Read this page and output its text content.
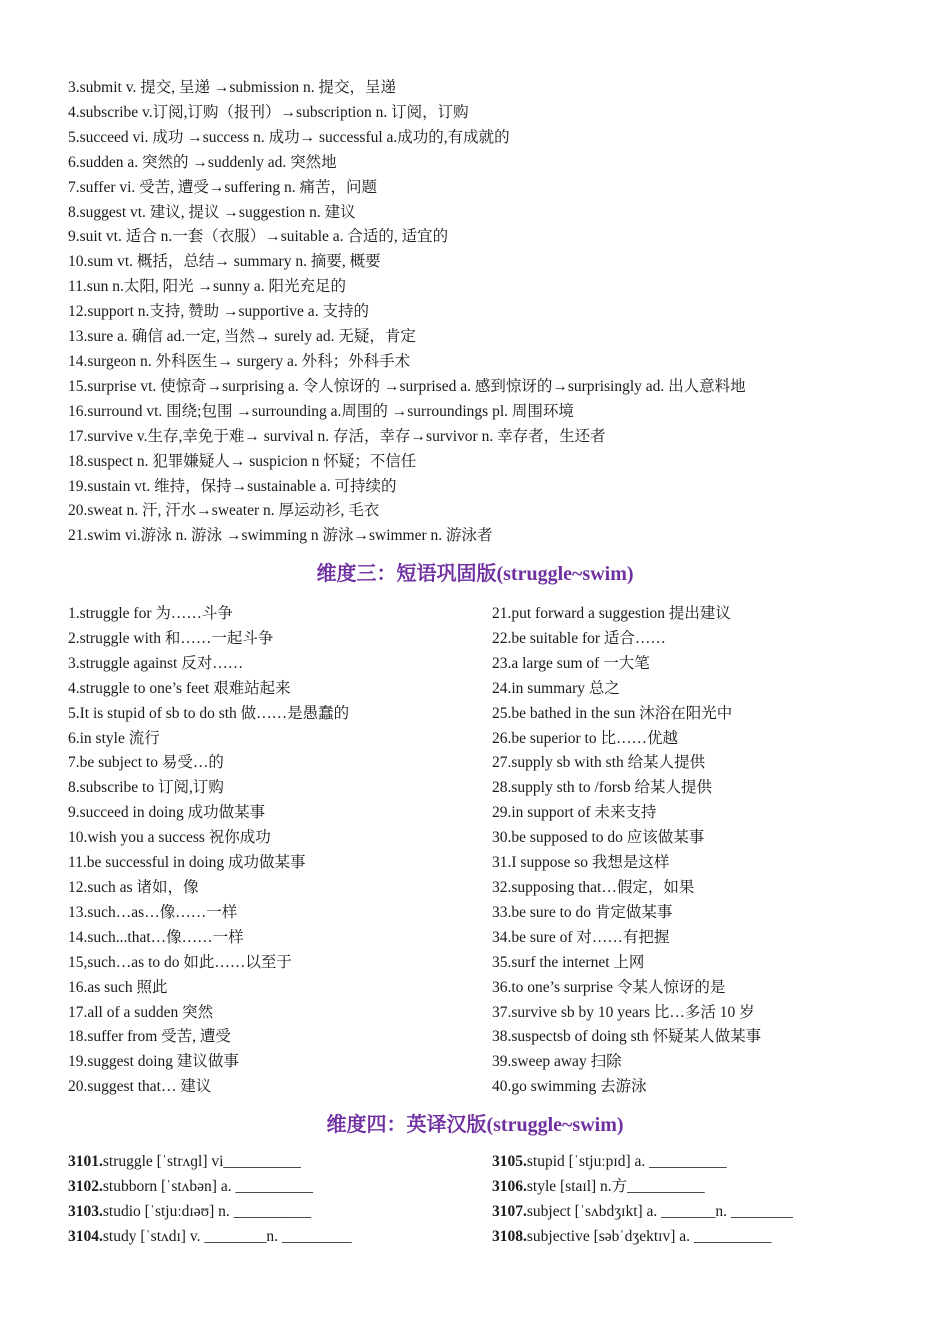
3.submit v. 提交, 呈递 →submission n. 提交，呈递
4.subscribe v.订阅,订购（报刊）→subscription n. 订阅，订购
5.succeed vi. 成功 →success n. 成功→ successful a.成功的,有成就的
6.sudden a. 突然的 →suddenly ad. 突然地
7.suffer vi. 受苦, 遭受→suffering n. 痛苦，问题
8.suggest vt. 建议, 提议 →suggestion n. 建议
9.suit vt. 适合 n.一套（衣服）→suitable a. 合适的, 适宜的
10.sum vt. 概括，总结→ summary n. 摘要, 概要
11.sun n.太阳, 阳光 →sunny a. 阳光充足的
12.support n.支持, 赞助 →supportive a. 支持的
13.sure a. 确信 ad.一定, 当然→ surely ad. 无疑，肯定
14.surgeon n. 外科医生→ surgery a. 外科；外科手术
15.surprise vt. 使惊奇→surprising a. 令人惊讶的 →surprised a. 感到惊讶的→surprisingly ad. 出人意料地
16.surround vt. 围绕;包围 →surrounding a.周围的 →surroundings pl. 周围环境
17.survive v.生存,幸免于难→ survival n. 存活，幸存→survivor n. 幸存者，生还者
18.suspect n. 犯罪嫌疑人→ suspicion n 怀疑；不信任
19.sustain vt. 维持，保持→sustainable a. 可持续的
20.sweat n. 汗, 汗水→sweater n. 厚运动衫, 毛衣
21.swim vi.游泳 n. 游泳 →swimming n 游泳→swimmer n. 游泳者
维度三：短语巩固版(struggle~swim)
1.struggle for 为……斗争
2.struggle with 和……一起斗争
3.struggle against 反对……
4.struggle to one’s feet 艰难站起来
5.It is stupid of sb to do sth 做……是愚蠢的
6.in style 流行
7.be subject to 易受…的
8.subscribe to 订阅,订购
9.succeed in doing 成功做某事
10.wish you a success 祝你成功
11.be successful in doing 成功做某事
12.such as 诸如，像
13.such…as…像……一样
14.such...that…像……一样
15,such…as to do 如此……以至于
16.as such 照此
17.all of a sudden 突然
18.suffer from 受苦, 遭受
19.suggest doing 建议做事
20.suggest that… 建议
21.put forward a suggestion 提出建议
22.be suitable for 适合……
23.a large sum of 一大笔
24.in summary 总之
25.be bathed in the sun 沐浴在阳光中
26.be superior to 比……优越
27.supply sb with sth 给某人提供
28.supply sth to /forsb 给某人提供
29.in support of 未来支持
30.be supposed to do 应该做某事
31.I suppose so 我想是这样
32.supposing that…假定，如果
33.be sure to do 肯定做某事
34.be sure of 对……有把握
35.surf the internet 上网
36.to one’s surprise 令某人惊讶的是
37.survive sb by 10 years 比…多活 10 岁
38.suspectsb of doing sth 怀疑某人做某事
39.sweep away 扫除
40.go swimming 去游泳
维度四：英译汉版(struggle~swim)
3101.struggle [ˈstrʌɡl] vi__________
3102.stubborn [ˈstʌbən] a. __________
3103.studio [ˈstjuːdɪəʊ] n. __________
3104.study [ˈstʌdɪ] v. ________n. _________
3105.stupid [ˈstjuːpɪd] a. __________
3106.style [staɪl] n.方__________
3107.subject [ˈsʌbdʒɪkt] a. _______n. ________
3108.subjective [səbˈdʒektɪv] a. __________
